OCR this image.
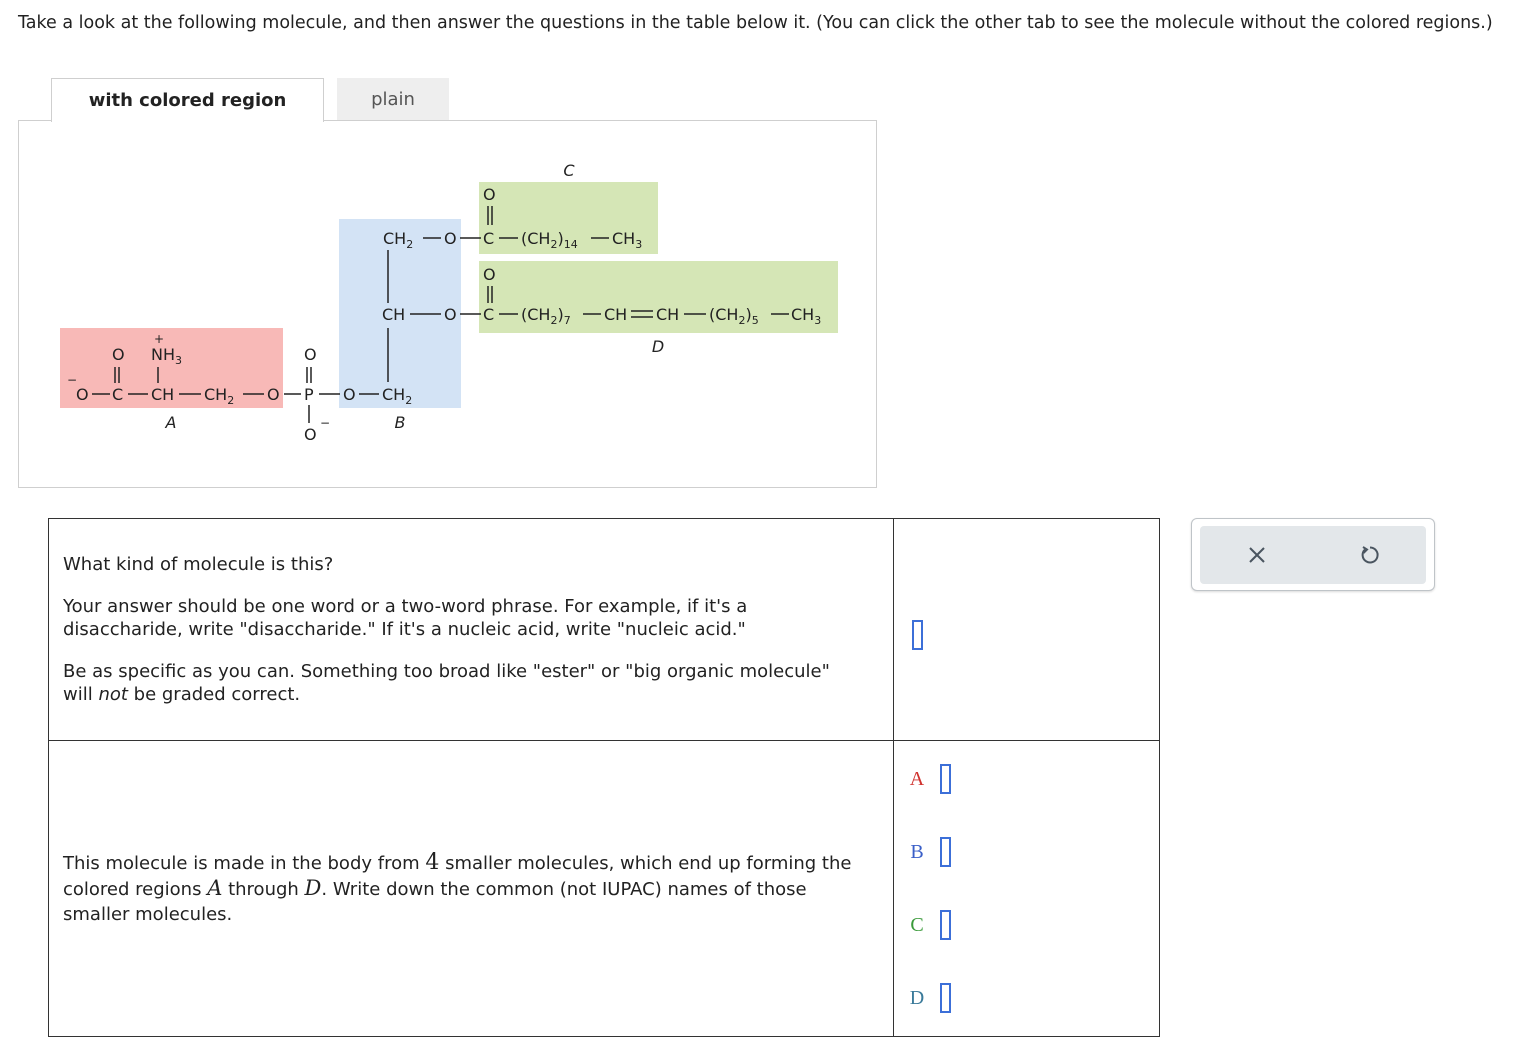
Take a look at the following molecule, and then answer the questions in the table below it. (You can click the other tab to see the molecule without the colored regions.)

with colored region	plain
$CH_2$ O C $(CH_2)_{14}$ $CH_3$
O
CH O C $(CH_2)_7$ CH CH $(CH_2)_5$ $CH_3$
O
O C CH $CH_2$ O P O $CH_2$
O $NH_3$
+
−
O
O
−
A	B
C
D

What kind of molecule is this?

Your answer should be one word or a two-word phrase. For example, if it's a disaccharide, write "disaccharide." If it's a nucleic acid, write "nucleic acid."

Be as specific as you can. Something too broad like "ester" or "big organic molecule" will not be graded correct.	

This molecule is made in the body from 4 smaller molecules, which end up forming the colored regions A through D. Write down the common (not IUPAC) names of those smaller molecules.	A
B
C
D
